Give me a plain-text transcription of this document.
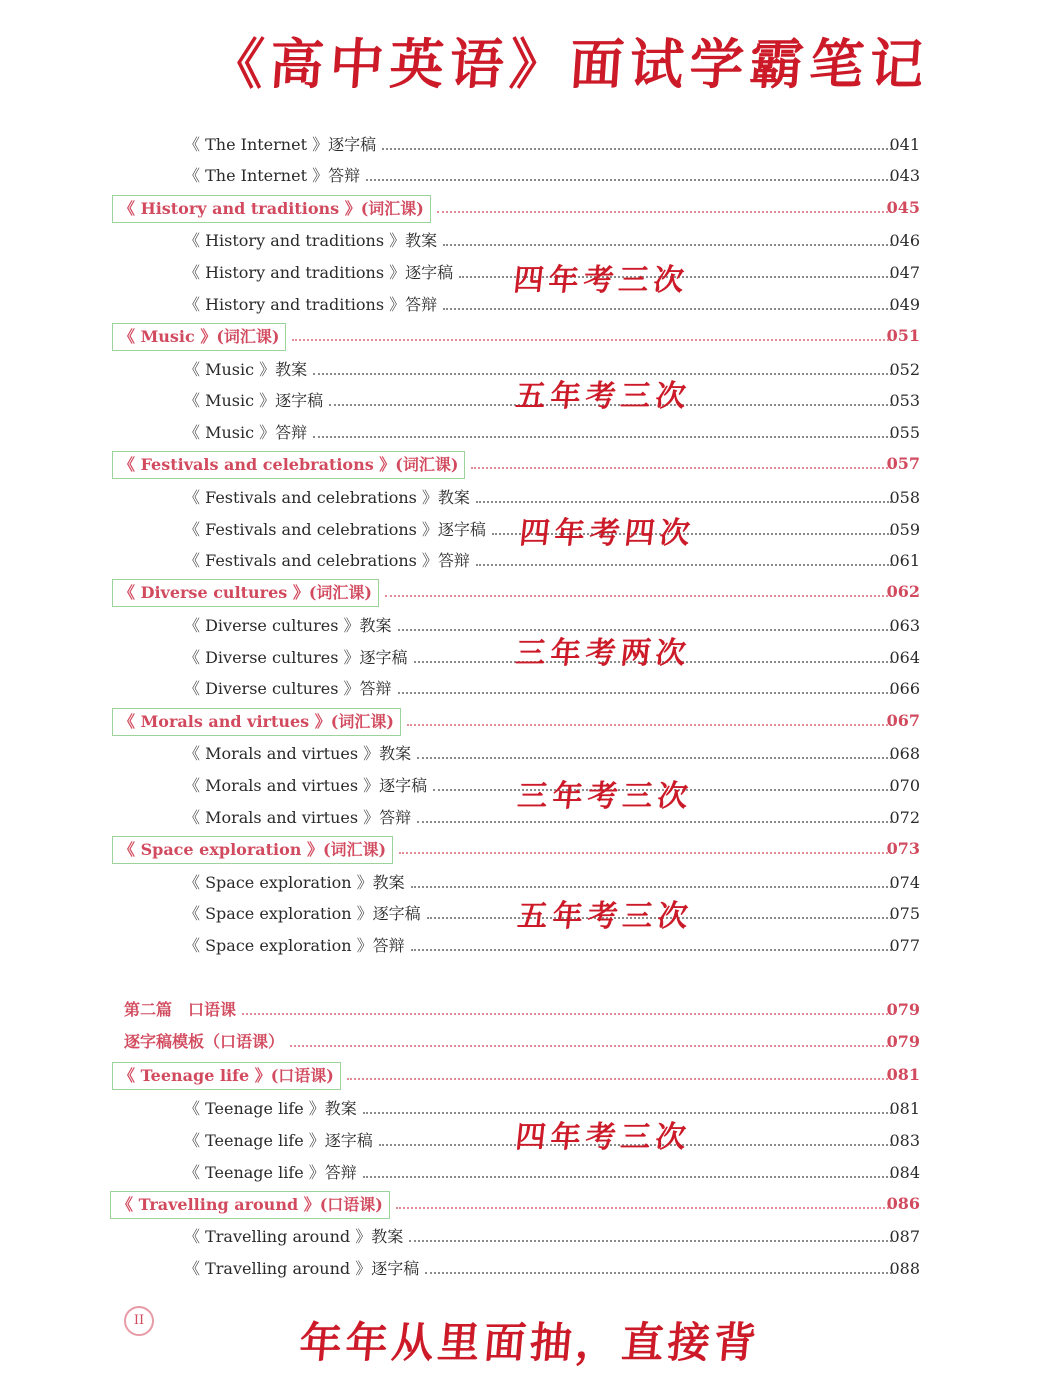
《高中英语》面试学霸笔记
《 The Internet 》逐字稿	041
《 The Internet 》答辩	043
《 History and traditions 》(词汇课)	045
《 History and traditions 》教案	046
《 History and traditions 》逐字稿	047
《 History and traditions 》答辩	049
《 Music 》(词汇课)	051
《 Music 》教案	052
《 Music 》逐字稿	053
《 Music 》答辩	055
《 Festivals and celebrations 》(词汇课)	057
《 Festivals and celebrations 》教案	058
《 Festivals and celebrations 》逐字稿	059
《 Festivals and celebrations 》答辩	061
《 Diverse cultures 》(词汇课)	062
《 Diverse cultures 》教案	063
《 Diverse cultures 》逐字稿	064
《 Diverse cultures 》答辩	066
《 Morals and virtues 》(词汇课)	067
《 Morals and virtues 》教案	068
《 Morals and virtues 》逐字稿	070
《 Morals and virtues 》答辩	072
《 Space exploration 》(词汇课)	073
《 Space exploration 》教案	074
《 Space exploration 》逐字稿	075
《 Space exploration 》答辩	077
第二篇　口语课	079
逐字稿模板（口语课）	079
《 Teenage life 》(口语课)	081
《 Teenage life 》教案	081
《 Teenage life 》逐字稿	083
《 Teenage life 》答辩	084
《 Travelling around 》(口语课)	086
《 Travelling around 》教案	087
《 Travelling around 》逐字稿	088
四年考三次
五年考三次
四年考四次
三年考两次
三年考三次
五年考三次
四年考三次
II	年年从里面抽，直接背
